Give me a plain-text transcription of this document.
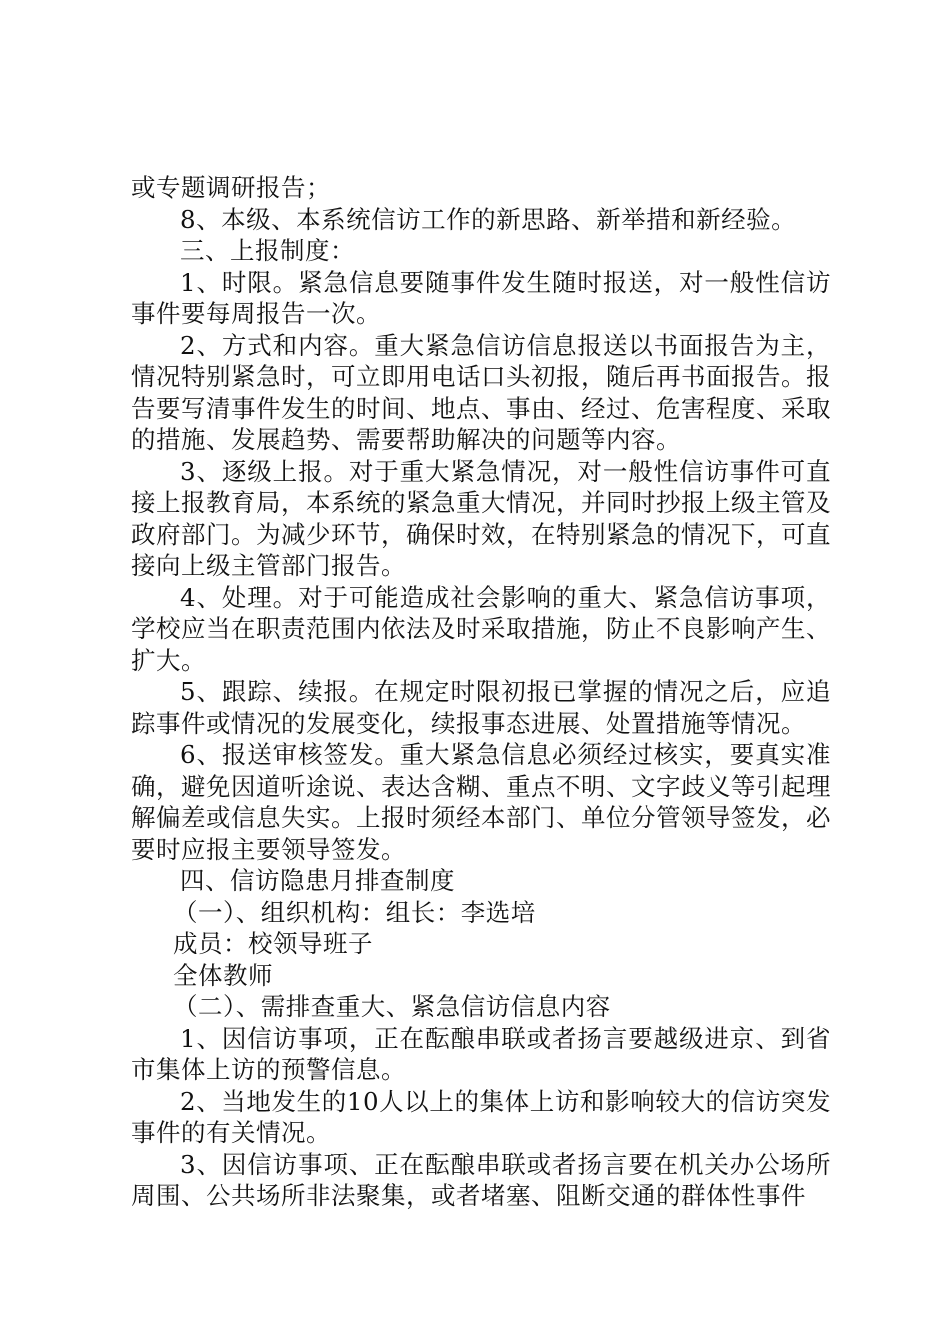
或专题调研报告；

8、本级、本系统信访工作的新思路、新举措和新经验。

三、上报制度：

1、时限。紧急信息要随事件发生随时报送，对一般性信访事件要每周报告一次。

2、方式和内容。重大紧急信访信息报送以书面报告为主，情况特别紧急时，可立即用电话口头初报，随后再书面报告。报告要写清事件发生的时间、地点、事由、经过、危害程度、采取的措施、发展趋势、需要帮助解决的问题等内容。

3、逐级上报。对于重大紧急情况，对一般性信访事件可直接上报教育局，本系统的紧急重大情况，并同时抄报上级主管及政府部门。为减少环节，确保时效，在特别紧急的情况下，可直接向上级主管部门报告。

4、处理。对于可能造成社会影响的重大、紧急信访事项，学校应当在职责范围内依法及时采取措施，防止不良影响产生、扩大。

5、跟踪、续报。在规定时限初报已掌握的情况之后，应追踪事件或情况的发展变化，续报事态进展、处置措施等情况。

6、报送审核签发。重大紧急信息必须经过核实，要真实准确，避免因道听途说、表达含糊、重点不明、文字歧义等引起理解偏差或信息失实。上报时须经本部门、单位分管领导签发，必要时应报主要领导签发。

四、信访隐患月排查制度

（一）、组织机构：组长：李选培

成员：校领导班子

全体教师

（二）、需排查重大、紧急信访信息内容

1、因信访事项，正在酝酿串联或者扬言要越级进京、到省市集体上访的预警信息。

2、当地发生的10人以上的集体上访和影响较大的信访突发事件的有关情况。

3、因信访事项、正在酝酿串联或者扬言要在机关办公场所周围、公共场所非法聚集，或者堵塞、阻断交通的群体性事件
